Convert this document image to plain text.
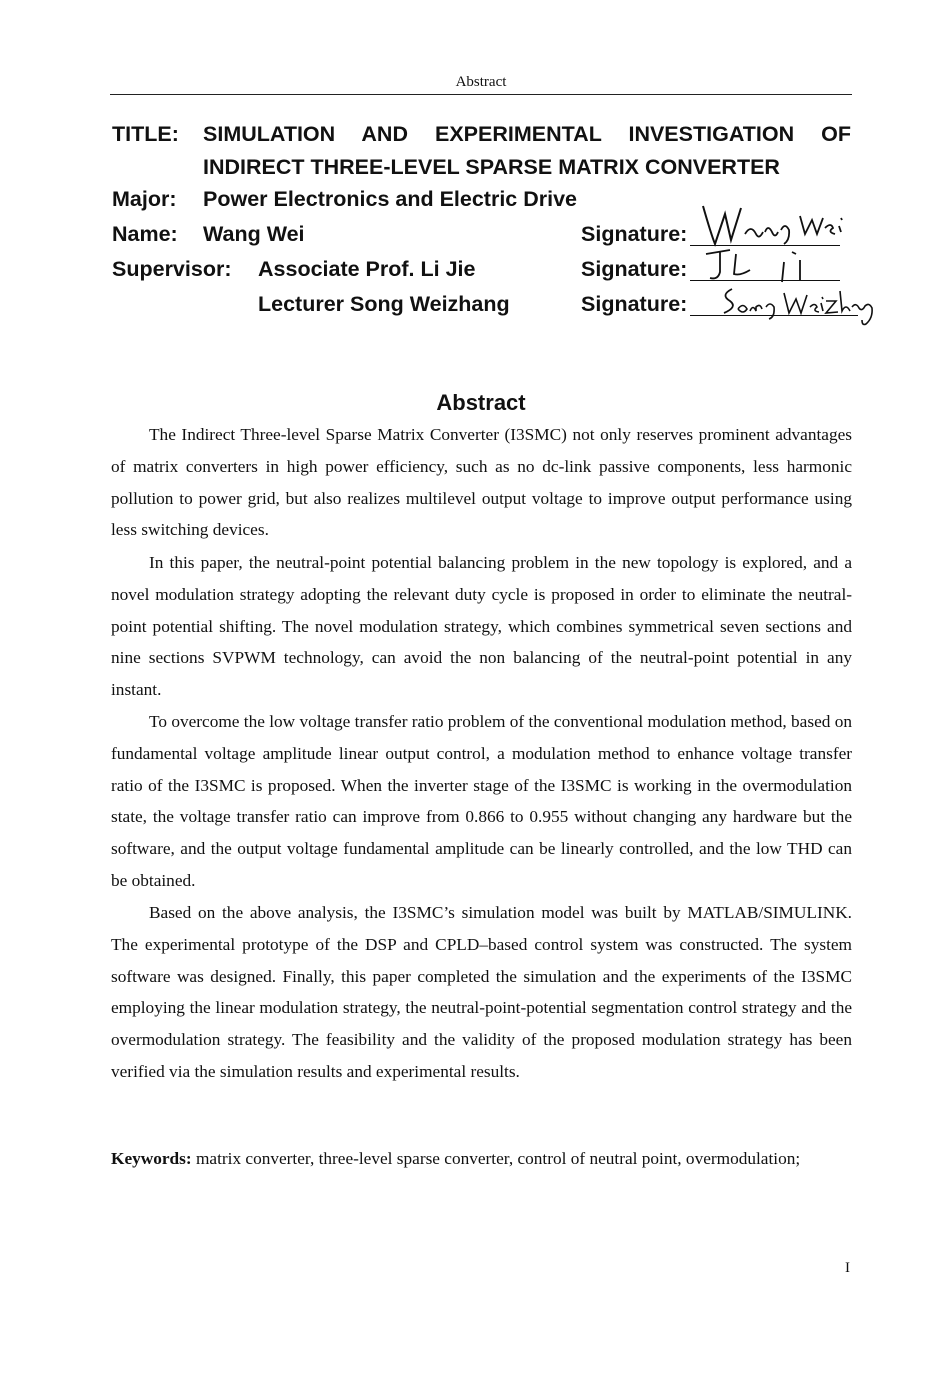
Abstract
TITLE: SIMULATION AND EXPERIMENTAL INVESTIGATION OF
INDIRECT THREE-LEVEL SPARSE MATRIX CONVERTER
Major: Power Electronics and Electric Drive
Name: Wang Wei
Supervisor: Associate Prof. Li Jie
Lecturer Song Weizhang
Signature:
Signature:
Signature:
Abstract

The Indirect Three-level Sparse Matrix Converter (I3SMC) not only reserves prominent advantages of matrix converters in high power efficiency, such as no dc-link passive components, less harmonic pollution to power grid, but also realizes multilevel output voltage to improve output performance using less switching devices.

In this paper, the neutral-point potential balancing problem in the new topology is explored, and a novel modulation strategy adopting the relevant duty cycle is proposed in order to eliminate the neutral-point potential shifting. The novel modulation strategy, which combines symmetrical seven sections and nine sections SVPWM technology, can avoid the non balancing of the neutral-point potential in any instant.

To overcome the low voltage transfer ratio problem of the conventional modulation method, based on fundamental voltage amplitude linear output control, a modulation method to enhance voltage transfer ratio of the I3SMC is proposed. When the inverter stage of the I3SMC is working in the overmodulation state, the voltage transfer ratio can improve from 0.866 to 0.955 without changing any hardware but the software, and the output voltage fundamental amplitude can be linearly controlled, and the low THD can be obtained.

Based on the above analysis, the I3SMC’s simulation model was built by MATLAB/SIMULINK. The experimental prototype of the DSP and CPLD–based control system was constructed. The system software was designed. Finally, this paper completed the simulation and the experiments of the I3SMC employing the linear modulation strategy, the neutral-point-potential segmentation control strategy and the overmodulation strategy. The feasibility and the validity of the proposed modulation strategy has been verified via the simulation results and experimental results.

Keywords: matrix converter, three-level sparse converter, control of neutral point, overmodulation;
I
